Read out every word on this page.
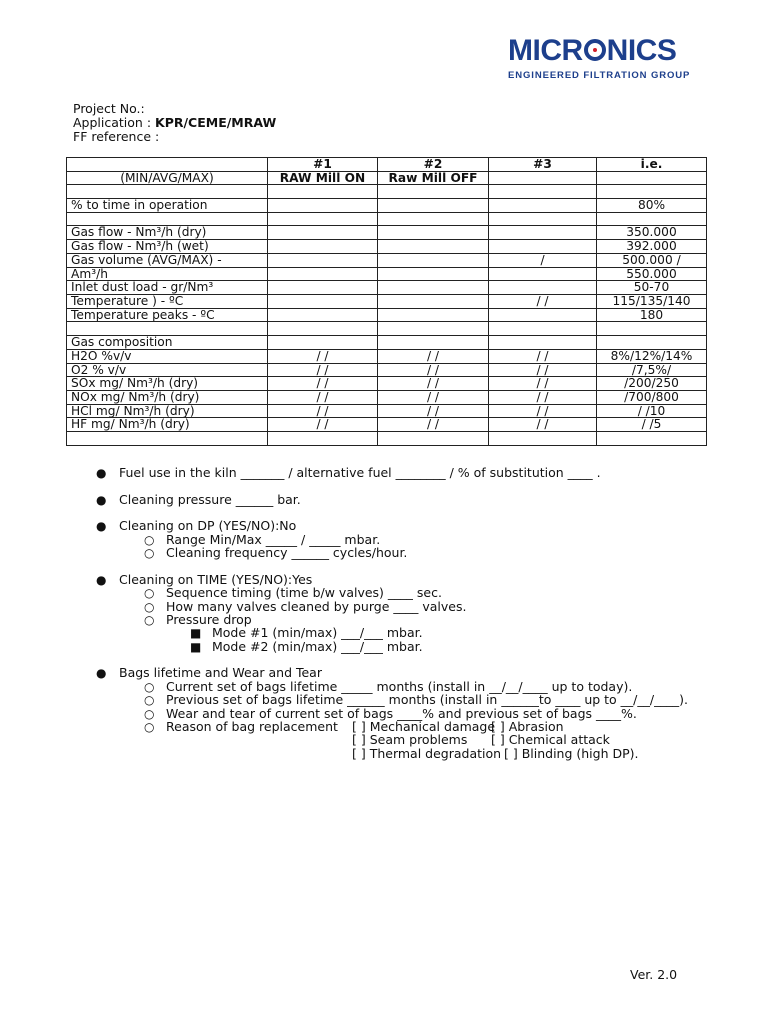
MICR NICS
ENGINEERED FILTRATION GROUP
Project No.:
Application : KPR/CEME/MRAW
FF reference :
	#1	#2	#3	i.e.
(MIN/AVG/MAX)	RAW Mill ON	Raw Mill OFF		

% to time in operation				80%

Gas flow - Nm³/h (dry)				350.000
Gas flow - Nm³/h (wet)				392.000
Gas volume (AVG/MAX) -			/	500.000 /
Am³/h				550.000
Inlet dust load - gr/Nm³				50-70
Temperature ) - ºC			/ /	115/135/140
Temperature peaks - ºC				180

Gas composition				
H2O %v/v	/ /	/ /	/ /	8%/12%/14%
O2 % v/v	/ /	/ /	/ /	/7,5%/
SOx mg/ Nm³/h (dry)	/ /	/ /	/ /	/200/250
NOx mg/ Nm³/h (dry)	/ /	/ /	/ /	/700/800
HCl mg/ Nm³/h (dry)	/ /	/ /	/ /	/ /10
HF mg/ Nm³/h (dry)	/ /	/ /	/ /	/ /5

● Fuel use in the kiln _______ / alternative fuel ________ / % of substitution ____ .
● Cleaning pressure ______ bar.
● Cleaning on DP (YES/NO):No
○ Range Min/Max _____ / _____ mbar.
○ Cleaning frequency ______ cycles/hour.
● Cleaning on TIME (YES/NO):Yes
○ Sequence timing (time b/w valves) ____ sec.
○ How many valves cleaned by purge ____ valves.
○ Pressure drop
■ Mode #1 (min/max) ___/___ mbar.
■ Mode #2 (min/max) ___/___ mbar.
● Bags lifetime and Wear and Tear
○ Current set of bags lifetime _____ months (install in __/__/____ up to today).
○ Previous set of bags lifetime ______ months (install in ______to ____ up to __/__/____).
○ Wear and tear of current set of bags ____% and previous set of bags ____%.
○ Reason of bag replacement [ ] Mechanical damage
[ ] Abrasion
[ ] Seam problems [ ] Chemical attack
[ ] Thermal degradation [ ] Blinding (high DP).
Ver. 2.0
